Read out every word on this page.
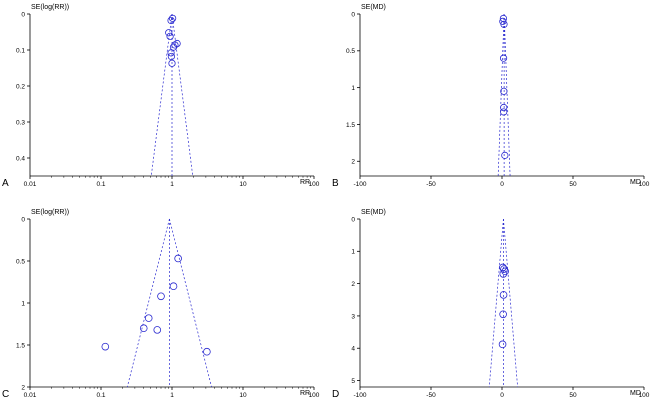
0
0.1
0.2
0.3
0.4
0.01	0.1	1	10	100
A
SE(log(RR))
RR
0
0.5
1
1.5
2
-100	-50	0	50	100
B
SE(MD)
MD
0
0.5
1
1.5
2
0.01	0.1	1	10	100
C
SE(log(RR))
RR
0
1
2
3
4
5
-100	-50	0	50	100
D
SE(MD)
MD
